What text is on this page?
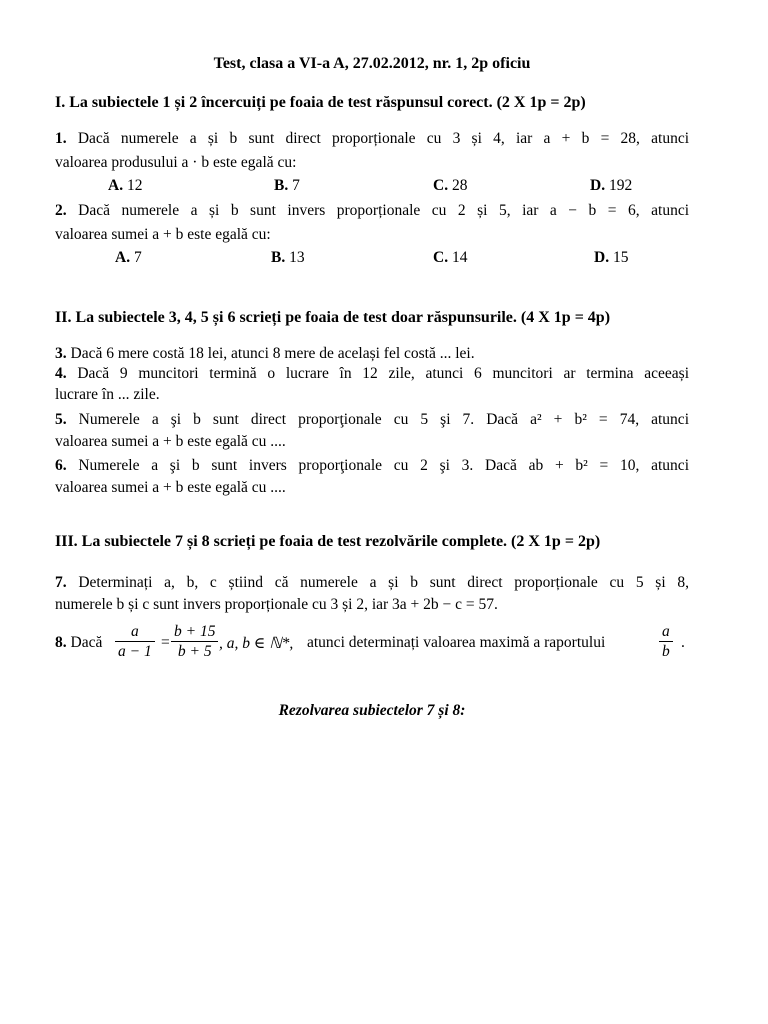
Test, clasa a VI-a A, 27.02.2012, nr. 1, 2p oficiu
I. La subiectele 1 și 2 încercuiți pe foaia de test răspunsul corect. (2 X 1p = 2p)
1. Dacă numerele a și b sunt direct proporționale cu 3 și 4, iar a + b = 28, atunci
valoarea produsului a · b este egală cu:
A. 12	B. 7	C. 28	D. 192
2. Dacă numerele a și b sunt invers proporționale cu 2 și 5, iar a − b = 6, atunci
valoarea sumei a + b este egală cu:
A. 7	B. 13	C. 14	D. 15
II. La subiectele 3, 4, 5 și 6 scrieți pe foaia de test doar răspunsurile. (4 X 1p = 4p)
3. Dacă 6 mere costă 18 lei, atunci 8 mere de același fel costă ... lei.
4. Dacă 9 muncitori termină o lucrare în 12 zile, atunci 6 muncitori ar termina aceeași
lucrare în ... zile.
5. Numerele a şi b sunt direct proporţionale cu 5 şi 7. Dacă a² + b² = 74, atunci
valoarea sumei a + b este egală cu ....
6. Numerele a şi b sunt invers proporţionale cu 2 şi 3. Dacă ab + b² = 10, atunci
valoarea sumei a + b este egală cu ....
III. La subiectele 7 și 8 scrieți pe foaia de test rezolvările complete. (2 X 1p = 2p)
7. Determinați a, b, c știind că numerele a și b sunt direct proporționale cu 5 și 8,
numerele b și c sunt invers proporționale cu 3 și 2, iar 3a + 2b − c = 57.
8. Dacă $\frac{a}{a - 1} = \frac{b + 15}{b + 5}$ , a, b ∈ ℕ*, atunci determinați valoarea maximă a raportului	$\frac{a}{b}$ .
Rezolvarea subiectelor 7 și 8:
